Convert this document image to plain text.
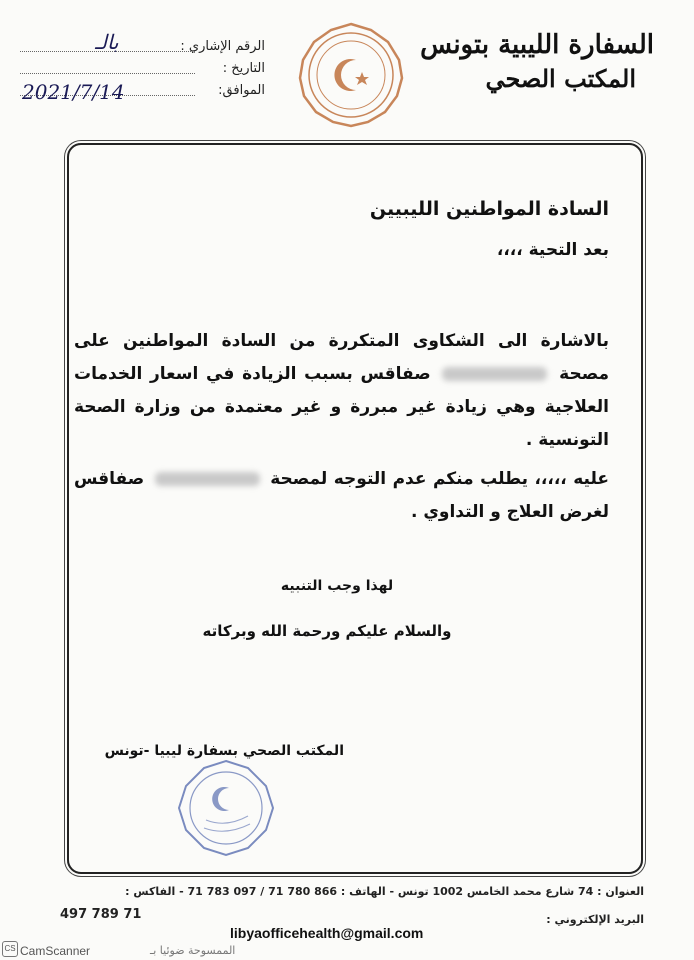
السفارة الليبية بتونس
المكتب الصحي
الرقم الإشاري :
التاريخ :
الموافق:
بالـ
2021/7/14
السادة المواطنين الليبيين
بعد التحية ،،،،
بالاشارة الى الشكاوى المتكررة من السادة المواطنين على مصحة  صفاقس بسبب الزيادة في اسعار الخدمات العلاجية وهي زيادة غير مبررة و غير معتمدة من وزارة الصحة التونسية .
عليه ،،،،، يطلب منكم عدم التوجه لمصحة  صفاقس لغرض العلاج و التداوي .
لهذا وجب التنبيه
والسلام عليكم ورحمة الله وبركاته
المكتب الصحي بسفارة ليبيا -تونس
العنوان : 74 شارع محمد الخامس 1002 تونس - الهاتف : 866 780 71 / 097 783 71 - الفاكس :
71 789 497	البريد الإلكتروني :
libyaofficehealth@gmail.com
CS CamScanner	الممسوحة ضوئيا بـ
